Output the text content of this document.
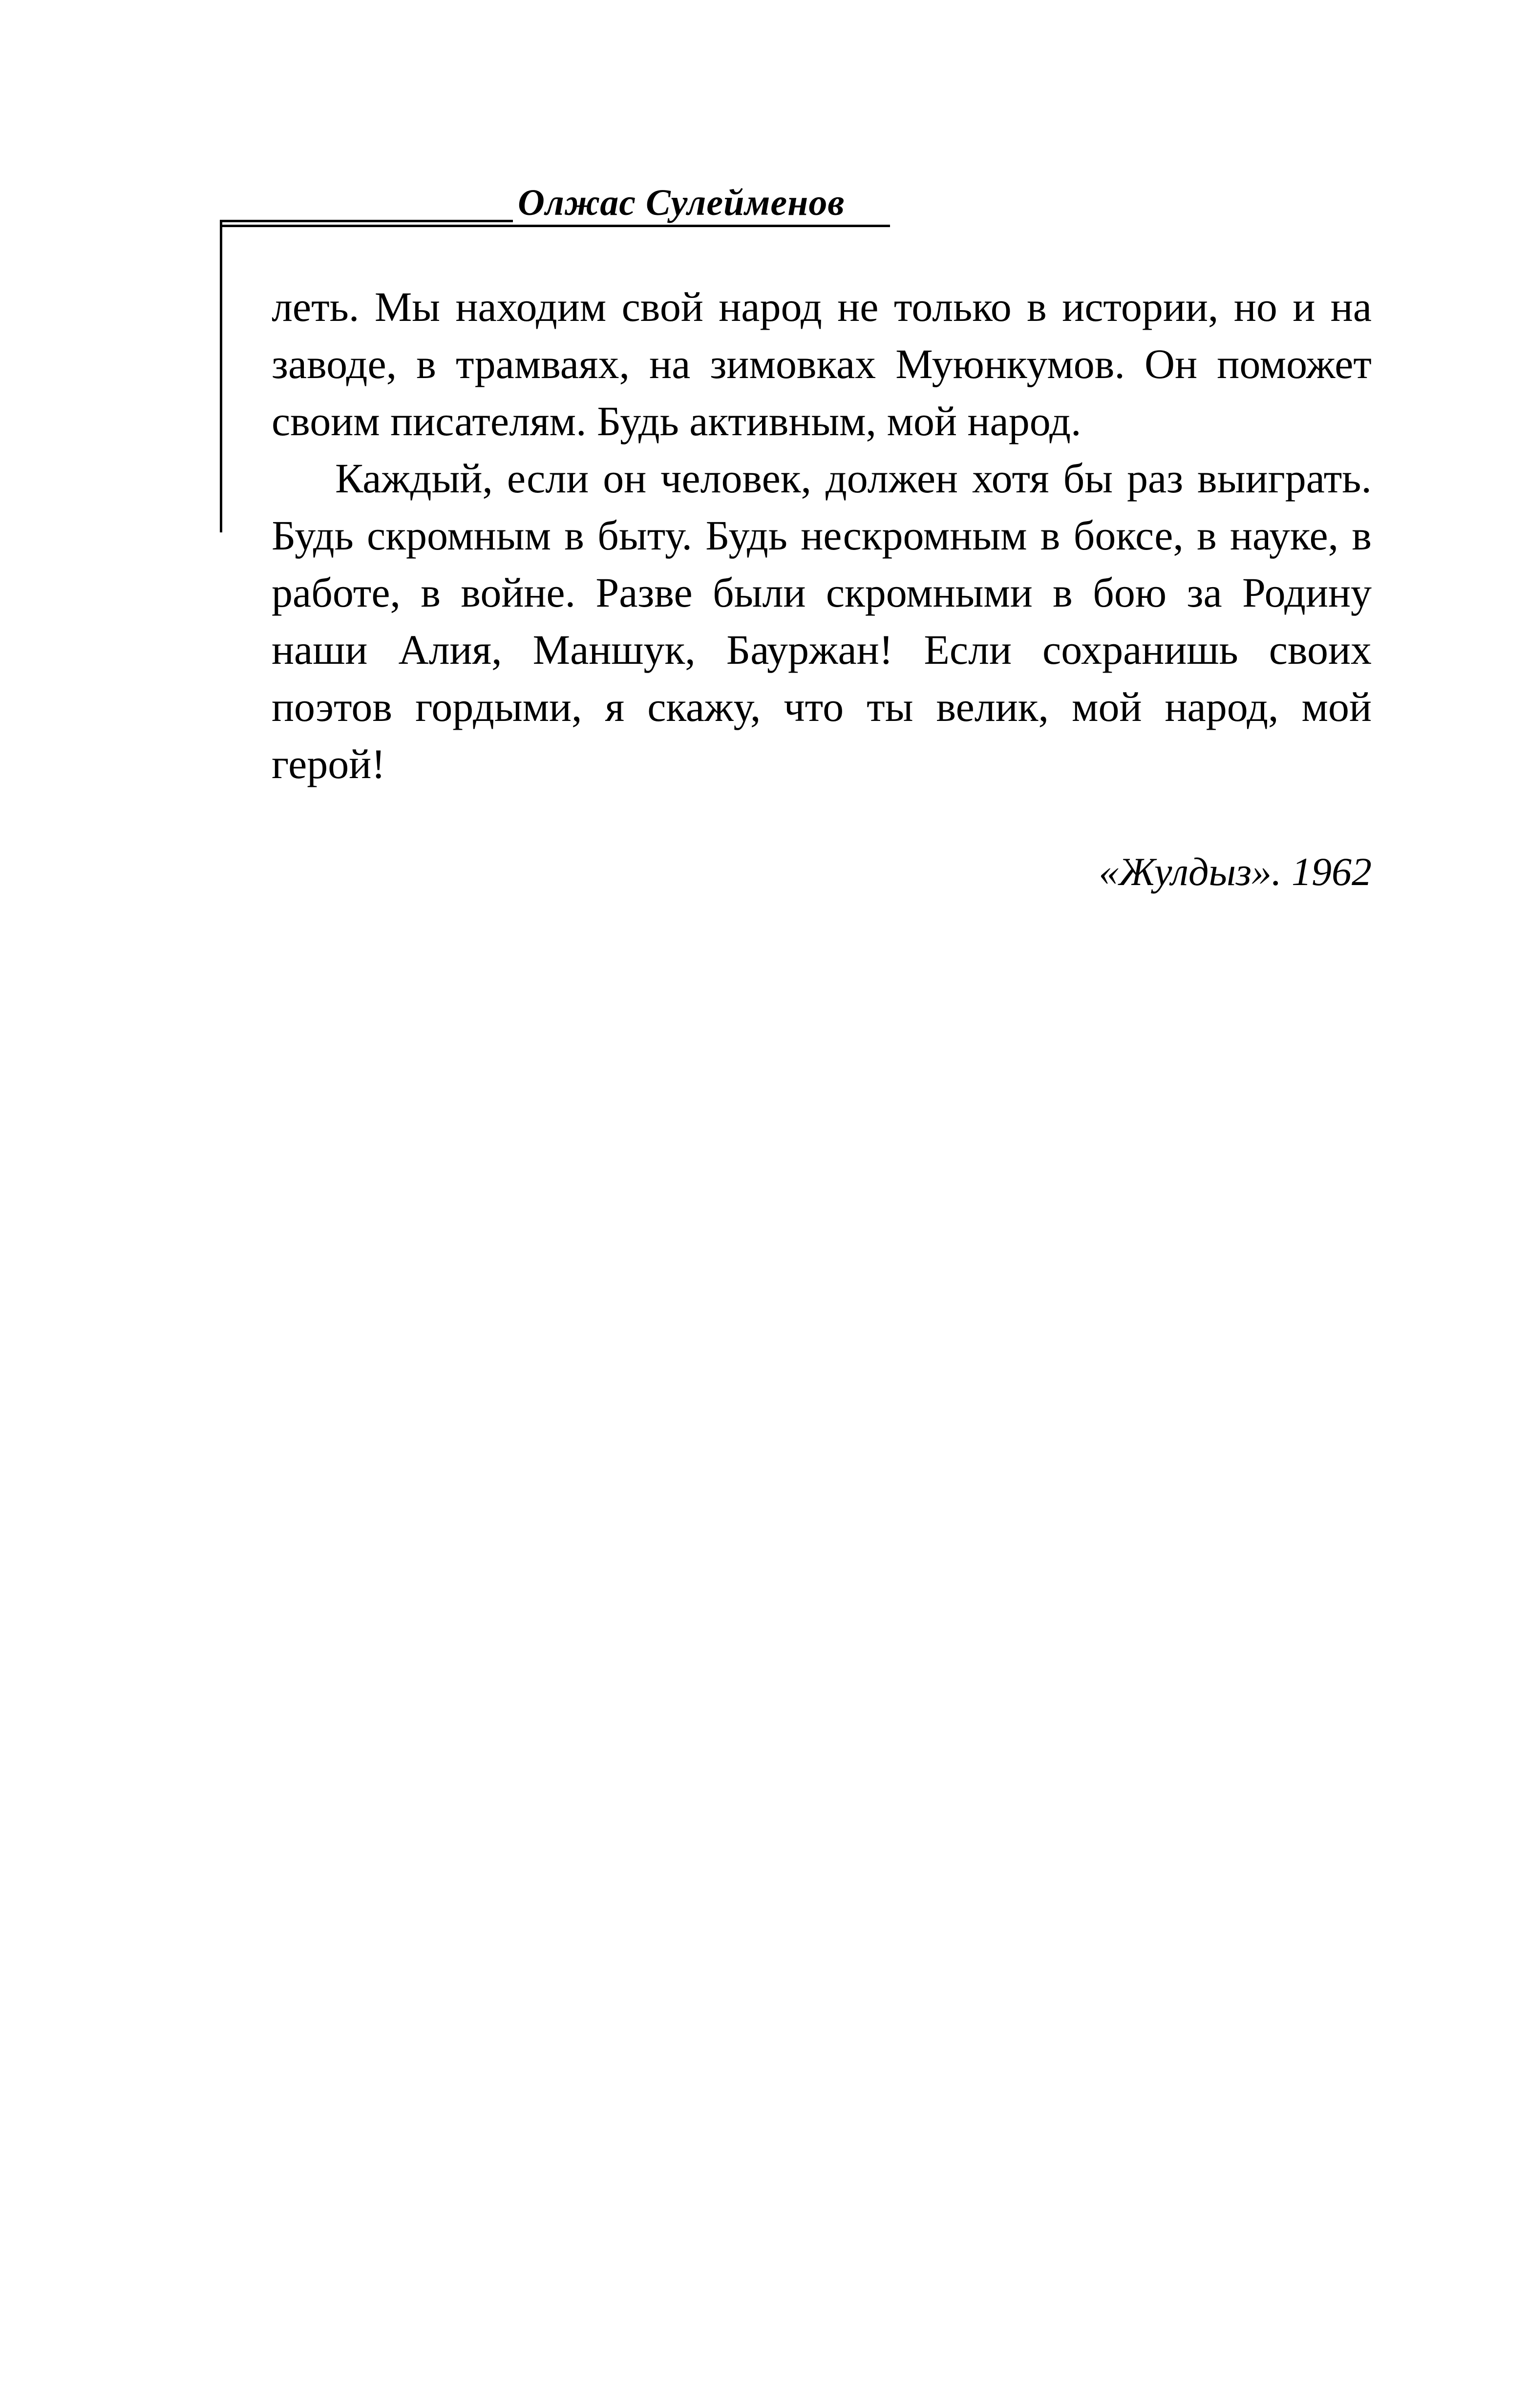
Олжас Сулейменов

леть. Мы находим свой народ не только в истории, но и на заводе, в трамваях, на зимовках Муюнкумов. Он поможет своим писателям. Будь активным, мой народ.

Каждый, если он человек, должен хотя бы раз выиграть. Будь скромным в быту. Будь нескромным в боксе, в науке, в работе, в войне. Разве были скромными в бою за Родину наши Алия, Маншук, Бауржан! Если сохранишь своих поэтов гордыми, я скажу, что ты велик, мой народ, мой герой!

«Жулдыз». 1962
